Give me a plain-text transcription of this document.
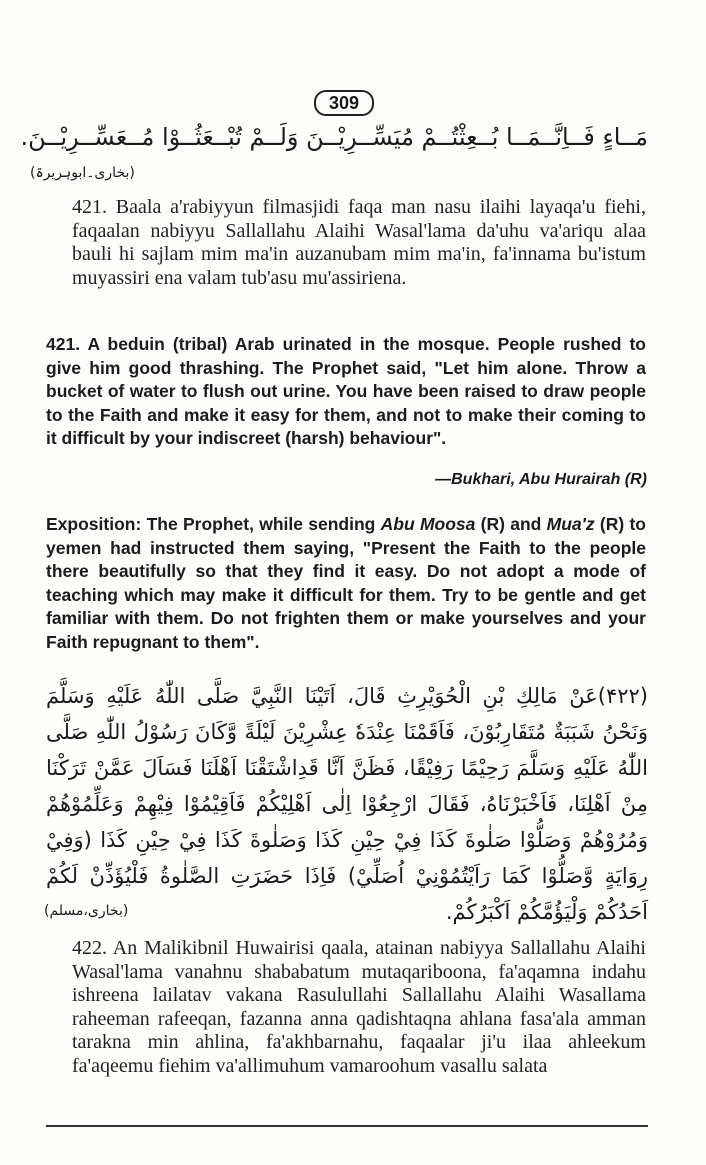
309
مَــاءٍ فَــاِنَّــمَــا بُــعِثْتُــمْ مُيَسِّــرِيْــنَ وَلَــمْ تُبْــعَثُــوْا مُــعَسِّــرِيْــنَ.
(بخاری۔ابوہریرۃ)
421. Baala a'rabiyyun filmasjidi faqa man nasu ilaihi layaqa'u fiehi, faqaalan nabiyyu Sallallahu Alaihi Wasal'lama da'uhu va'ariqu alaa bauli hi sajlam mim ma'in auzanubam mim ma'in, fa'innama bu'istum muyassiri ena valam tub'asu mu'assiriena.
421. A beduin (tribal) Arab urinated in the mosque. People rushed to give him good thrashing. The Prophet said, "Let him alone. Throw a bucket of water to flush out urine. You have been raised to draw people to the Faith and make it easy for them, and not to make their coming to it difficult by your indiscreet (harsh) behaviour".
—Bukhari, Abu Hurairah (R)
Exposition: The Prophet, while sending Abu Moosa (R) and Mua'z (R) to yemen had instructed them saying, "Present the Faith to the people there beautifully so that they find it easy. Do not adopt a mode of teaching which may make it difficult for them. Try to be gentle and get familiar with them. Do not frighten them or make yourselves and your Faith repugnant to them".
(۴۲۲)عَنْ مَالِكِ بْنِ الْحُوَيْرِثِ قَالَ، اَتَيْنَا النَّبِيَّ صَلَّى اللّٰهُ عَلَيْهِ وَسَلَّمَ وَنَحْنُ شَبَبَةٌ مُتَقَارِبُوْنَ، فَاَقَمْنَا عِنْدَهٗ عِشْرِيْنَ لَيْلَةً وَّكَانَ رَسُوْلُ اللّٰهِ صَلَّى اللّٰهُ عَلَيْهِ وَسَلَّمَ رَحِيْمًا رَفِيْقًا، فَظَنَّ اَنَّا قَدِاشْتَقْنَا اَهْلَنَا فَسَاَلَ عَمَّنْ تَرَكْنَا مِنْ اَهْلِنَا، فَاَخْبَرْنَاهُ، فَقَالَ ارْجِعُوْا اِلٰى اَهْلِيْكُمْ فَاَقِيْمُوْا فِيْهِمْ وَعَلِّمُوْهُمْ وَمُرُوْهُمْ وَصَلُّوْا صَلٰوةَ كَذَا فِيْ حِيْنِ كَذَا وَصَلٰوةَ كَذَا فِيْ حِيْنِ كَذَا (وَفِيْ رِوَايَةٍ وَّصَلُّوْا كَمَا رَاَيْتُمُوْنِيْ اُصَلِّيْ) فَاِذَا حَضَرَتِ الصَّلٰوةُ فَلْيُؤَذِّنْ لَكُمْ اَحَدُكُمْ وَلْيَؤُمَّكُمْ اَكْبَرُكُمْ.
(بخاری،مسلم)
422. An Malikibnil Huwairisi qaala, atainan nabiyya Sallallahu Alaihi Wasal'lama vanahnu shababatum mutaqariboona, fa'aqamna indahu ishreena lailatav vakana Rasulullahi Sallallahu Alaihi Wasallama raheeman rafeeqan, fazanna anna qadishtaqna ahlana fasa'ala amman tarakna min ahlina, fa'akhbarnahu, faqaalar ji'u ilaa ahleekum fa'aqeemu fiehim va'allimuhum vamaroohum vasallu salata
